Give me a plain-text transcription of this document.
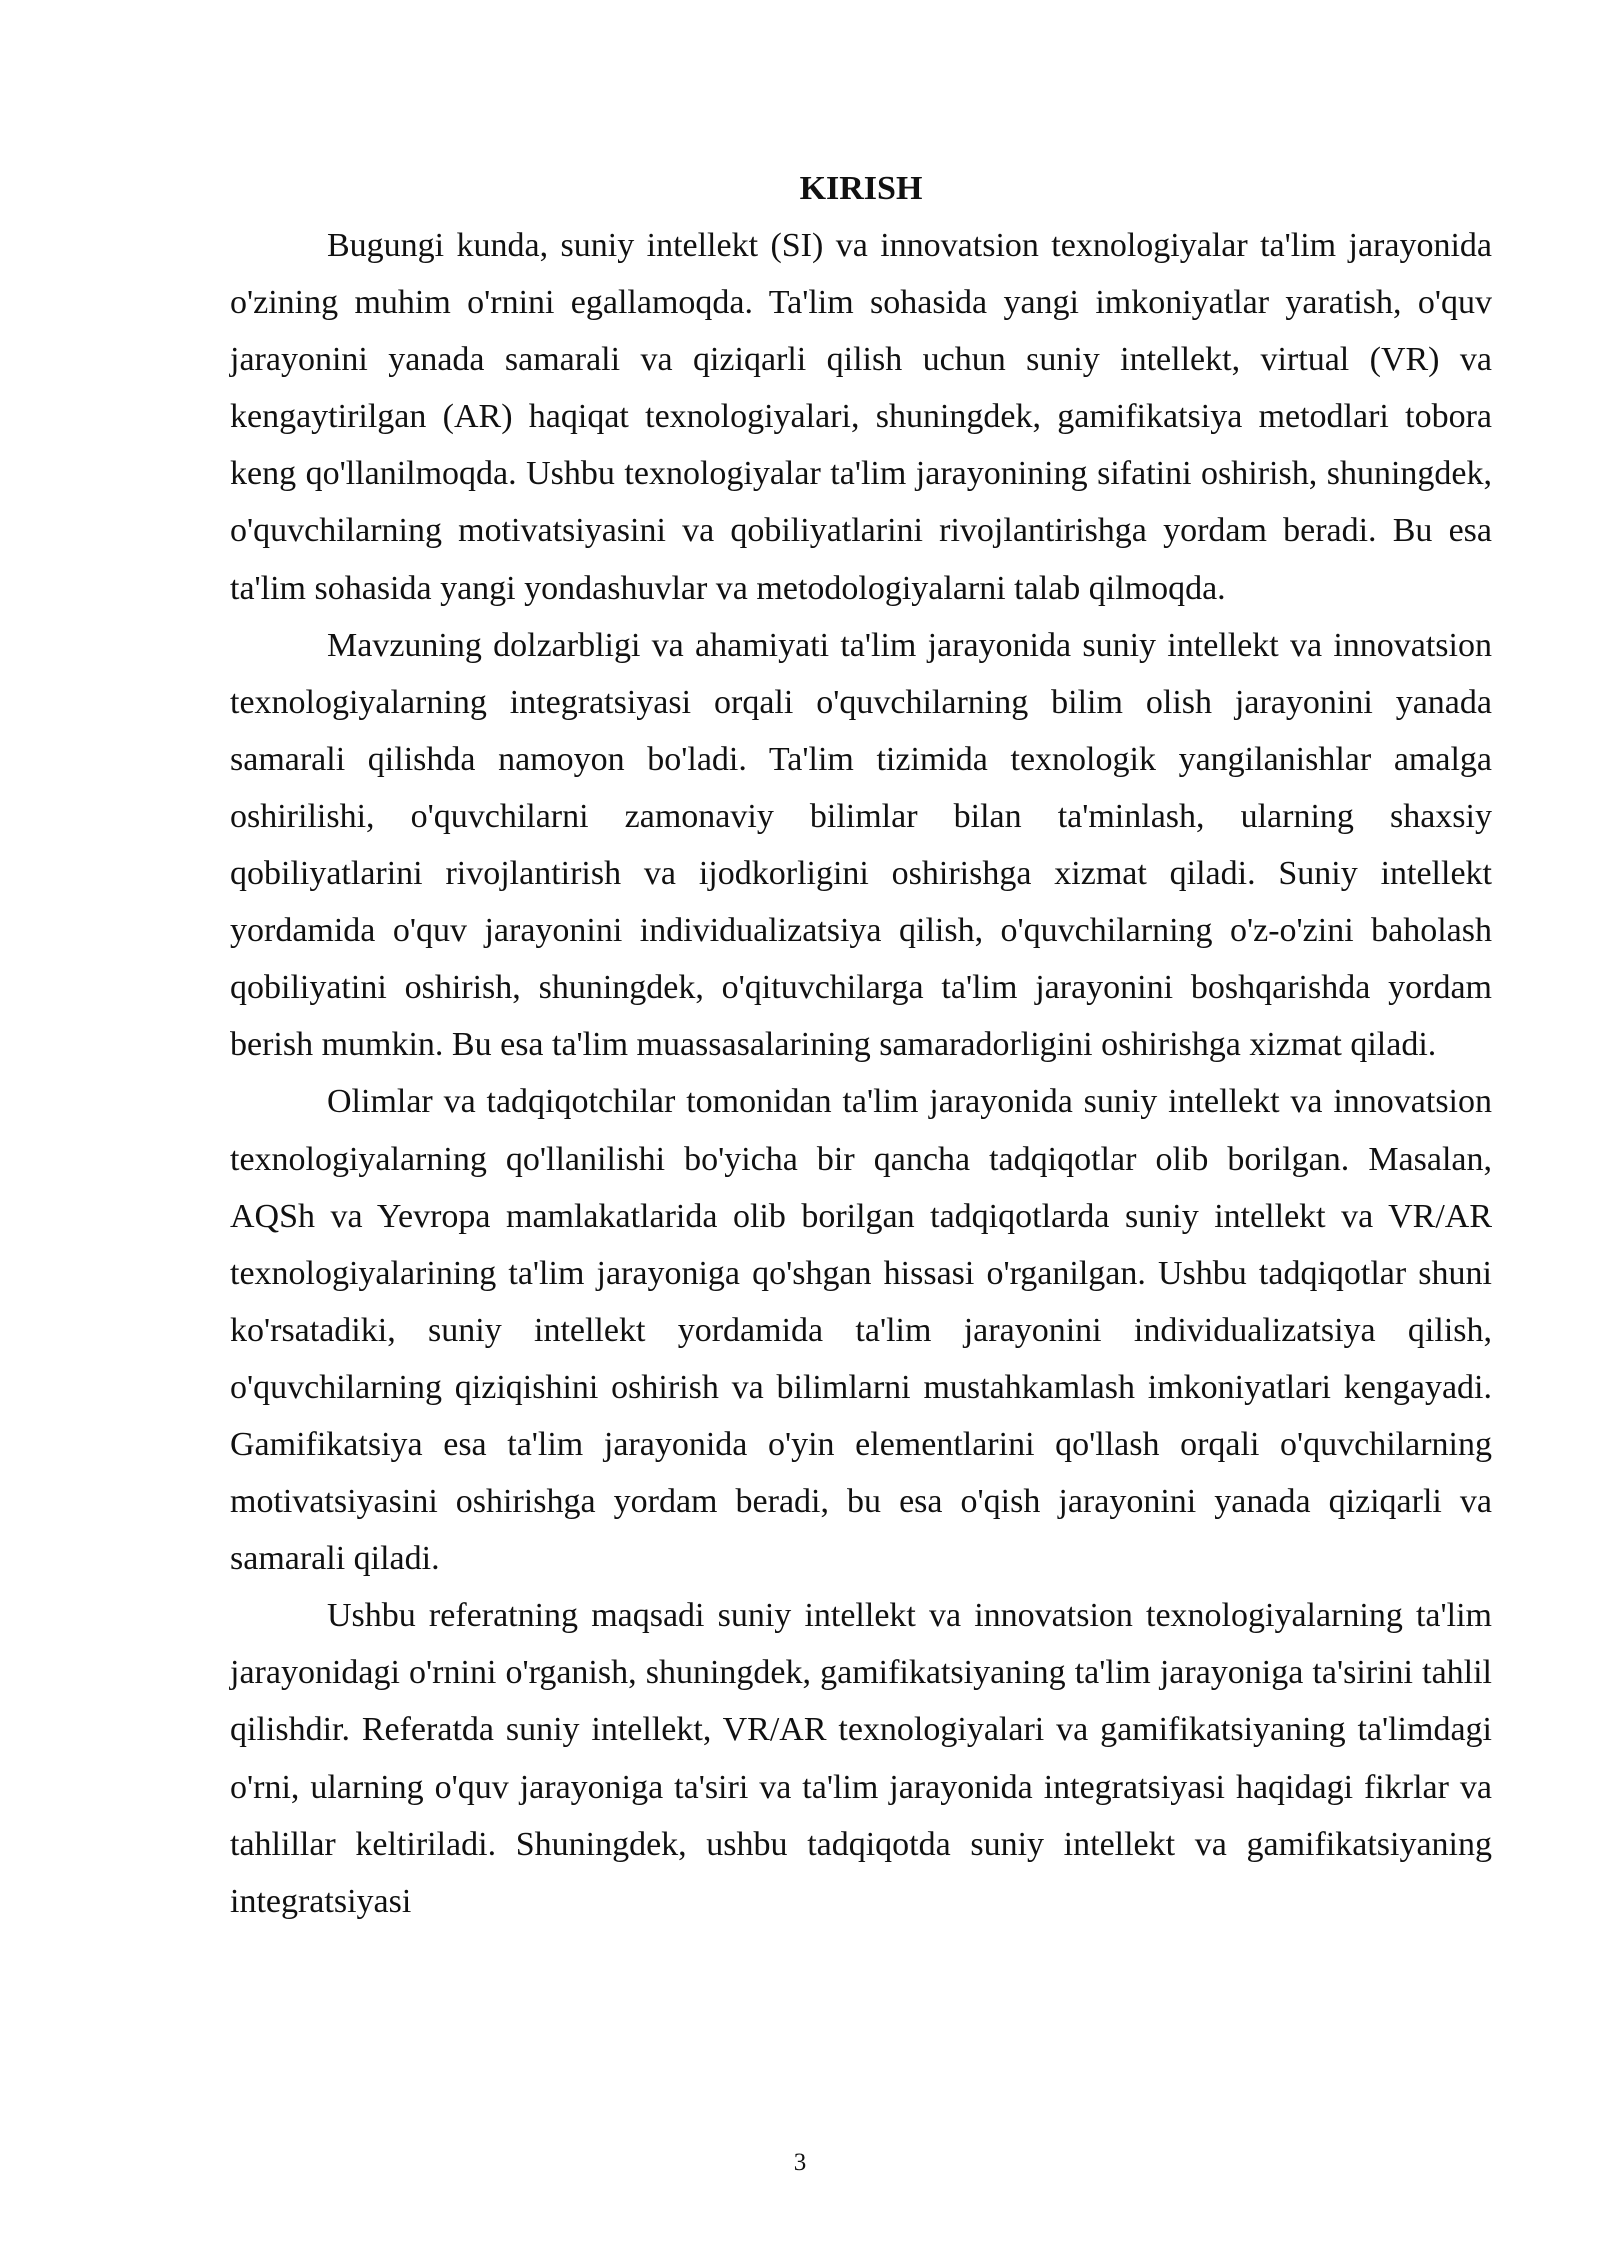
KIRISH

Bugungi kunda, suniy intellekt (SI) va innovatsion texnologiyalar ta'lim jarayonida o'zining muhim o'rnini egallamoqda. Ta'lim sohasida yangi imkoniyatlar yaratish, o'quv jarayonini yanada samarali va qiziqarli qilish uchun suniy intellekt, virtual (VR) va kengaytirilgan (AR) haqiqat texnologiyalari, shuningdek, gamifikatsiya metodlari tobora keng qo'llanilmoqda. Ushbu texnologiyalar ta'lim jarayonining sifatini oshirish, shuningdek, o'quvchilarning motivatsiyasini va qobiliyatlarini rivojlantirishga yordam beradi. Bu esa ta'lim sohasida yangi yondashuvlar va metodologiyalarni talab qilmoqda.

Mavzuning dolzarbligi va ahamiyati ta'lim jarayonida suniy intellekt va innovatsion texnologiyalarning integratsiyasi orqali o'quvchilarning bilim olish jarayonini yanada samarali qilishda namoyon bo'ladi. Ta'lim tizimida texnologik yangilanishlar amalga oshirilishi, o'quvchilarni zamonaviy bilimlar bilan ta'minlash, ularning shaxsiy qobiliyatlarini rivojlantirish va ijodkorligini oshirishga xizmat qiladi. Suniy intellekt yordamida o'quv jarayonini individualizatsiya qilish, o'quvchilarning o'z-o'zini baholash qobiliyatini oshirish, shuningdek, o'qituvchilarga ta'lim jarayonini boshqarishda yordam berish mumkin. Bu esa ta'lim muassasalarining samaradorligini oshirishga xizmat qiladi.

Olimlar va tadqiqotchilar tomonidan ta'lim jarayonida suniy intellekt va innovatsion texnologiyalarning qo'llanilishi bo'yicha bir qancha tadqiqotlar olib borilgan. Masalan, AQSh va Yevropa mamlakatlarida olib borilgan tadqiqotlarda suniy intellekt va VR/AR texnologiyalarining ta'lim jarayoniga qo'shgan hissasi o'rganilgan. Ushbu tadqiqotlar shuni ko'rsatadiki, suniy intellekt yordamida ta'lim jarayonini individualizatsiya qilish, o'quvchilarning qiziqishini oshirish va bilimlarni mustahkamlash imkoniyatlari kengayadi. Gamifikatsiya esa ta'lim jarayonida o'yin elementlarini qo'llash orqali o'quvchilarning motivatsiyasini oshirishga yordam beradi, bu esa o'qish jarayonini yanada qiziqarli va samarali qiladi.

Ushbu referatning maqsadi suniy intellekt va innovatsion texnologiyalarning ta'lim jarayonidagi o'rnini o'rganish, shuningdek, gamifikatsiyaning ta'lim jarayoniga ta'sirini tahlil qilishdir. Referatda suniy intellekt, VR/AR texnologiyalari va gamifikatsiyaning ta'limdagi o'rni, ularning o'quv jarayoniga ta'siri va ta'lim jarayonida integratsiyasi haqidagi fikrlar va tahlillar keltiriladi. Shuningdek, ushbu tadqiqotda suniy intellekt va gamifikatsiyaning integratsiyasi

3
